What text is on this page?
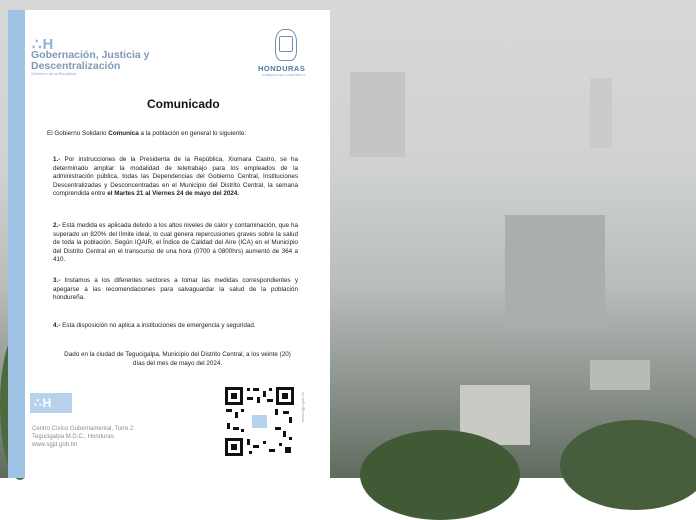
∴H
Gobernación, Justicia y Descentralización
Gobierno de la República
HONDURAS
GOBIERNO DE LA REPÚBLICA
Comunicado
El Gobierno Solidario Comunica a la población en general lo siguiente:
1.- Por instrucciones de la Presidenta de la República, Xiomara Castro, se ha determinado ampliar la modalidad de teletrabajo para los empleados de la administración pública, todas las Dependencias del Gobierno Central, Instituciones Descentralizadas y Desconcentradas en el Municipio del Distrito Central, la semana comprendida entre el Martes 21 al Viernes 24 de mayo del 2024.
2.- Está medida es aplicada debido a los altos niveles de calor y contaminación, que ha superado un 820% del límite ideal, lo cual genera repercusiones graves sobre la salud de toda la población. Según IQAIR, el Índice de Calidad del Aire (ICA) en el Municipio del Distrito Central en el transcurso de una hora (0700 a 0800hrs) aumentó de 364 a 410.
3.- Instamos a los diferentes sectores a tomar las medidas correspondientes y apegarse a las recomendaciones para salvaguardar la salud de la población hondureña.
4.- Esta disposición no aplica a instituciones de emergencia y seguridad.
Dado en la ciudad de Tegucigalpa, Municipio del Distrito Central, a los veinte (20) días del mes de mayo del 2024.
∴H
Centro Cívico Gubernamental, Torre 2
Tegucigalpa M.D.C., Honduras.
www.sgjd.gob.hn
www.sgjd.gob.hn
